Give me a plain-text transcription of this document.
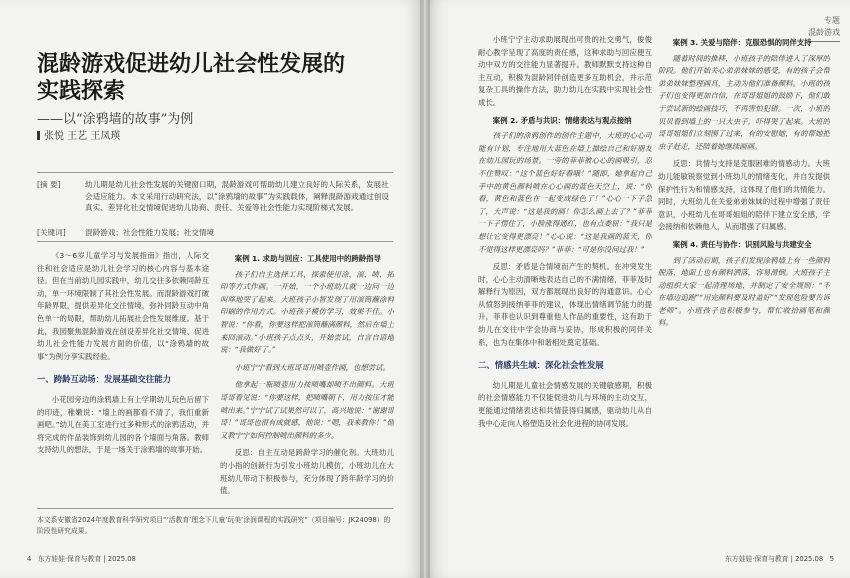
混龄游戏促进幼儿社会性发展的
实践探索
——以“涂鸦墙的故事”为例
张悦 王艺 王凤瑛
[摘 要]	幼儿期是幼儿社会性发展的关键窗口期，混龄游戏可帮助幼儿建立良好的人际关系，发展社会适应能力。本文采用行动研究法，以“涂鸦墙的故事”为实践载体，阐释混龄游戏通过创设真实、差异化社交情境促进幼儿协商、责任、关爱等社会性能力实现阶梯式发展。
[关键词]	混龄游戏；社会性能力发展；社交情境

《3～6岁儿童学习与发展指南》指出，人际交往和社会适应是幼儿社会学习的核心内容与基本途径。但在当前幼儿园实践中，幼儿交往多依赖同龄互动，单一环境限制了其社会性发展。而混龄游戏打破年龄界限，提供差异化交往情境，弥补同龄互动中角色单一的局限，帮助幼儿拓展社会性发展维度。基于此，我园聚焦混龄游戏在创设差异化社交情境、促进幼儿社会性能力发展方面的价值，以“涂鸦墙的故事”为例分享实践经验。

一、跨龄互动场：发展基础交往能力

小花园旁边的涂鸦墙上有上学期幼儿玩色后留下的印迹，稚嫩说：“墙上的画都看不清了，我们重新画吧。”幼儿在美工室进行过多种形式的涂鸦活动，并将完成的作品装饰到幼儿园的各个墙面与角落。教师支持幼儿的想法，于是一场关于涂鸦墙的故事开始。

案例 1. 求助与回应：工具使用中的跨龄指导

孩子们自主选择工具，探索使用涂、滚、喷、拓印等方式作画。一开始，一个小班幼儿就一边问一边叫哆地哭了起来。大班孩子小智发现了用滚筒蘸涂料印刷的作用方式。小班孩子模仿学习，效果不佳。小智说：“你看，你要这样把滚筒蘸满颜料，然后在墙上来回滚动。”小班孩子点点头，开始尝试，自言自语地说：“我做好了。”

小班宁宁看到大班哥哥用喷壶作画，也想尝试。

他拿起一瓶喷壶用力按喷嘴却喷不出颜料。大班哥哥看见说：“你要这样，把喷嘴朝下，用力按压才能喷出来。”宁宁试了试果然可以了，高兴地说：“谢谢哥哥！”哥哥也很有成就感，他说：“嗯，我来教你！”他又教宁宁如何控制喷出颜料的多少。

反思：自主互动是跨龄学习的催化剂。大班幼儿的小指的创新行为引发小班幼儿模仿，小班幼儿在大班幼儿带动下积极参与，充分体现了跨年龄学习的价值。

本文系安徽省2024年度教育科学研究项目“‘活教育’理念下儿童‘玩美’涂润课程的实践研究”（项目编号：JK24098）的阶段性研究成果。
4 东方娃娃·保育与教育 | 2025.08
专题
混龄游戏

小班宁宁主动求助展现出可贵的社交勇气，俊俊耐心教学呈现了高度的责任感，这种求助与回应便互动中双方的交往能力显著提升。教师默默支持这种自主互动，积极为混龄同伴创造更多互助机会，并示范复杂工具的操作方法，助力幼儿在实践中实现社会性成长。

案例 2. 矛盾与共识：情绪表达与观点接纳

孩子们的涂鸦创作的创作主题中，大班的心心可能有计划，专注地用大蓝色在墙上描绘自己和好朋友在幼儿园玩的场景。一旁的菲菲被心心的画吸引，忍不住赞叹：“这个蓝色好好看哦！”随即，她拿起自己手中的黄色颜料喷在心心画的蓝色天空上，说：“你看，黄色和蓝色在一起变成绿色了！”心心一下子急了，大声说：“这是我的画！你怎么画上去了？”菲菲一下子愣住了，小脸涨得通红，也有点委屈：“我只是想让它变得更漂亮！”心心说：“这是我画的蓝天，你不觉得这样更漂亮吗？”菲菲：“可是你没问过我！”

反思：矛盾是合情境而产生的契机。在冲突发生时，心心主动清晰地表达自己的不满情绪，菲菲及时解释行为原因，双方都展现出良好的沟通意识。心心从愤怒到接纳菲菲的建议，体现出情绪调节能力的提升，菲菲也认识到尊重他人作品的重要性，这有助于幼儿在交往中学会协商与妥协，形成积极的同伴关系，也为在集体中和谐相处奠定基础。

二、情感共生域：深化社会性发展

幼儿期是儿童社会情感发展的关键敏感期，积极的社会情感能力不仅能促进幼儿与环境的主动交互，更能通过情绪表达和共情获得归属感，驱动幼儿从自我中心走向人格塑造及社会化进程的协同发展。

案例 3. 关爱与陪伴：克服恐惧的同伴支持

随着时间的推移，小班孩子的陪伴进入了深厚的阶段。他们开始关心弟弟妹妹的感受，有的孩子会帮弟弟妹妹整理画具，主动为他们准备颜料。小班的孩子们也变得更加自信，在哥哥姐姐的鼓励下，他们敢于尝试新的绘画技巧，不再害怕犯错。一次，小班的贝贝看到墙上的一只大虫子，吓得哭了起来。大班的哥哥姐姐们立刻围了过来，有的安慰她，有的帮她把虫子赶走，还陪着她继续画画。

反思：共情与支持是克服困难的情感动力。大班幼儿能敏锐察觉到小班幼儿的情绪变化，并自发提供保护性行为和情感支持，这体现了他们的共情能力。同时，大班幼儿在关爱弟弟妹妹的过程中增强了责任意识，小班幼儿在哥哥姐姐的陪伴下建立安全感，学会接纳和依赖他人，从而增强了归属感。

案例 4. 责任与协作：识别风险与共建安全

到了活动后期，孩子们发现涂鸦墙上有一些颜料脱落，地面上也有颜料洒落，容易滑倒。大班孩子主动组织大家一起清理场地，并制定了安全规则：“不在墙边追跑”“用完颜料要及时盖好”“发现危险要告诉老师”。小班孩子也积极参与，帮忙收拾画笔和颜料。

东方娃娃·保育与教育 | 2025.08 5
